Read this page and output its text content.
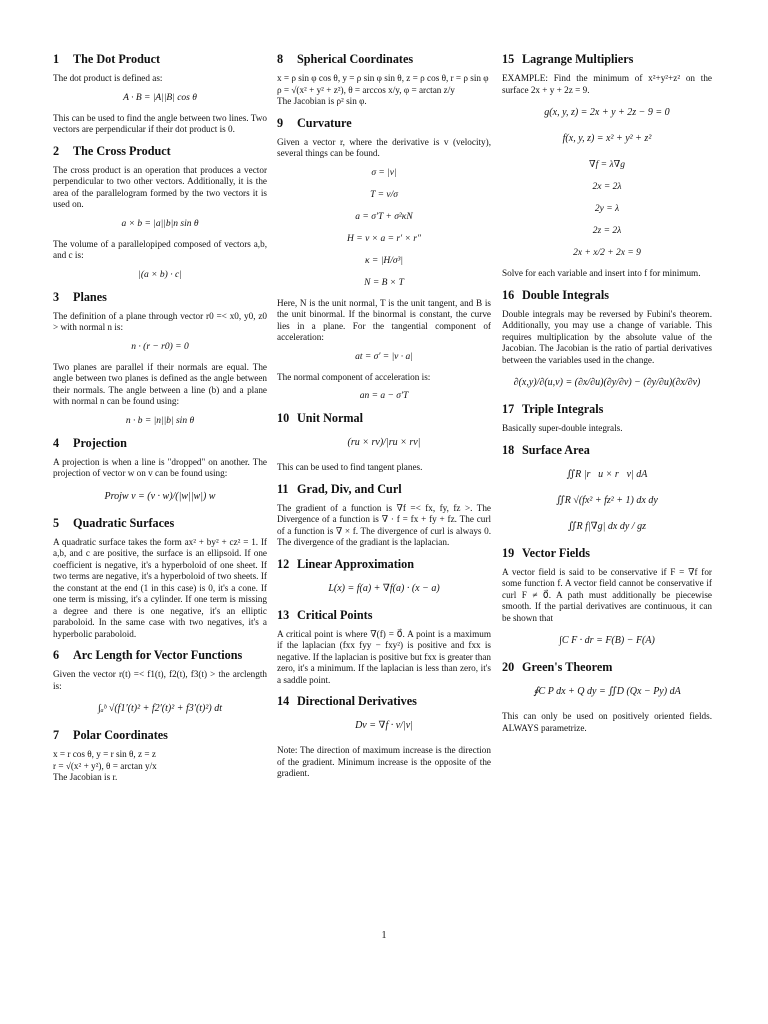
1 The Dot Product

The dot product is defined as:

A · B = |A||B| cos θ

This can be used to find the angle between two lines. Two vectors are perpendicular if their dot product is 0.

2 The Cross Product

The cross product is an operation that produces a vector perpendicular to two other vectors. Additionally, it is the area of the parallelogram formed by the two vectors it is used on.

a × b = |a||b|n sin θ

The volume of a parallelopiped composed of vectors a,b, and c is:

|(a × b) · c|
3 Planes

The definition of a plane through vector r0 =< x0, y0, z0 > with normal n is:

n · (r − r0) = 0

Two planes are parallel if their normals are equal. The angle between two planes is defined as the angle between their normals. The angle between a line (b) and a plane with normal n can be found using:

n · b = |n||b| sin θ
4 Projection

A projection is when a line is "dropped" on another. The projection of vector w on v can be found using:

Projw v = (v · w)/(|w||w|) w
5 Quadratic Surfaces

A quadratic surface takes the form ax² + by² + cz² = 1. If a,b, and c are positive, the surface is an ellipsoid. If one coefficient is negative, it's a hyperboloid of one sheet. If two terms are negative, it's a hyperboloid of two sheets. If the constant at the end (1 in this case) is 0, it's a cone. If one term is missing, it's a cylinder. If one term is missing a degree and there is one negative, it's an elliptic paraboloid. In the same case with two negatives, it's a hyperbolic paraboloid.

6 Arc Length for Vector Functions

Given the vector r(t) =< f1(t), f2(t), f3(t) > the arclength is:

∫ₐᵇ √(f1′(t)² + f2′(t)² + f3′(t)²) dt
7 Polar Coordinates

x = r cos θ, y = r sin θ, z = z

r = √(x² + y²), θ = arctan y/x

The Jacobian is r.

8 Spherical Coordinates

x = ρ sin φ cos θ, y = ρ sin φ sin θ, z = ρ cos θ, r = ρ sin φ

ρ = √(x² + y² + z²), θ = arccos x/y, φ = arctan z/y

The Jacobian is ρ² sin φ.

9 Curvature

Given a vector r, where the derivative is v (velocity), several things can be found.

σ = |v|
T = v/σ
a = σ′T + σ²κN
H = v × a = r′ × r″
κ = |H/σ³|
N = B × T

Here, N is the unit normal, T is the unit tangent, and B is the unit binormal. If the binormal is constant, the curve lies in a plane. For the tangential component of acceleration:

at = σ′ = |v · a|

The normal component of acceleration is:

an = a − σ′T
10 Unit Normal
(ru × rv)/|ru × rv|

This can be used to find tangent planes.

11 Grad, Div, and Curl

The gradient of a function is ∇f =< fx, fy, fz >. The Divergence of a function is ∇ · f = fx + fy + fz. The curl of a function is ∇ × f. The divergence of curl is always 0. The divergence of the gradiant is the laplacian.

12 Linear Approximation
L(x) = f(a) + ∇f(a) · (x − a)
13 Critical Points

A critical point is where ∇(f) = 0⃗. A point is a maximum if the laplacian (fxx fyy − fxy²) is positive and fxx is negative. If the laplacian is positive but fxx is greater than zero, it's a minimum. If the laplacian is less than zero, it's a saddle point.

14 Directional Derivatives
Dv = ∇f · v/|v|

Note: The direction of maximum increase is the direction of the gradient. Minimum increase is the opposite of the gradient.

15 Lagrange Multipliers

EXAMPLE: Find the minimum of x²+y²+z² on the surface 2x + y + 2z = 9.

g(x, y, z) = 2x + y + 2z − 9 = 0
f(x, y, z) = x² + y² + z²
∇f = λ∇g
2x = 2λ
2y = λ
2z = 2λ
2x + x/2 + 2x = 9

Solve for each variable and insert into f for minimum.

16 Double Integrals

Double integrals may be reversed by Fubini's theorem. Additionally, you may use a change of variable. This requires multiplication by the absolute value of the Jacobian. The Jacobian is the ratio of partial derivatives between the variables used in the change.

∂(x,y)/∂(u,v) = (∂x/∂u)(∂y/∂v) − (∂y/∂u)(∂x/∂v)
17 Triple Integrals

Basically super-double integrals.

18 Surface Area
∬R |r⃗u × r⃗v| dA
∬R √(fx² + fz² + 1) dx dy
∬R f|∇g| dx dy / gz
19 Vector Fields

A vector field is said to be conservative if F = ∇f for some function f. A vector field cannot be conservative if curl F ≠ 0⃗. A path must additionally be piecewise smooth. If the partial derivatives are continuous, it can be shown that

∫C F · dr = F(B) − F(A)
20 Green's Theorem
∮C P dx + Q dy = ∬D (Qx − Py) dA

This can only be used on positively oriented fields. ALWAYS parametrize.

1
